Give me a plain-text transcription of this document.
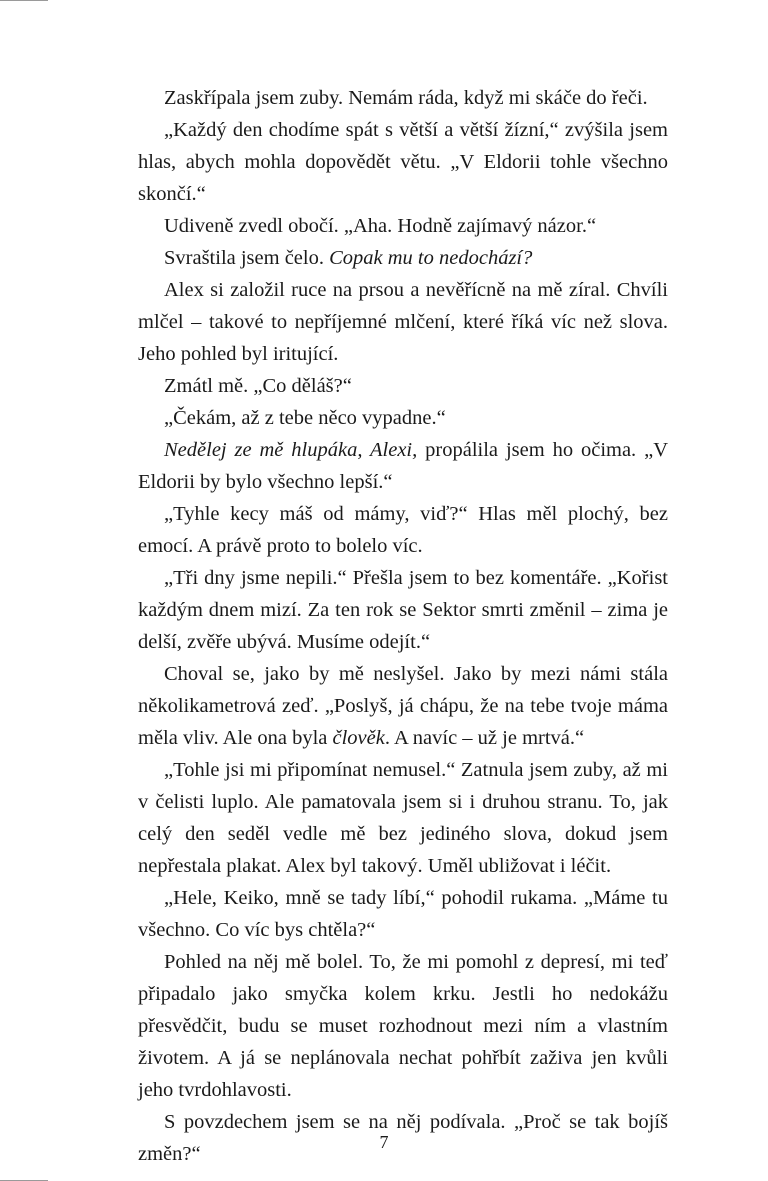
Zaskřípala jsem zuby. Nemám ráda, když mi skáče do řeči.

„Každý den chodíme spát s větší a větší žízní,“ zvýšila jsem hlas, abych mohla dopovědět větu. „V Eldorii tohle všechno skončí.“

Udiveně zvedl obočí. „Aha. Hodně zajímavý názor.“

Svraštila jsem čelo. Copak mu to nedochází?

Alex si založil ruce na prsou a nevěřícně na mě zíral. Chvíli mlčel – takové to nepříjemné mlčení, které říká víc než slova. Jeho pohled byl iritující.

Zmátl mě. „Co děláš?“

„Čekám, až z tebe něco vypadne.“

Nedělej ze mě hlupáka, Alexi, propálila jsem ho očima. „V Eldorii by bylo všechno lepší.“

„Tyhle kecy máš od mámy, viď?“ Hlas měl plochý, bez emocí. A právě proto to bolelo víc.

„Tři dny jsme nepili.“ Přešla jsem to bez komentáře. „Kořist každým dnem mizí. Za ten rok se Sektor smrti změnil – zima je delší, zvěře ubývá. Musíme odejít.“

Choval se, jako by mě neslyšel. Jako by mezi námi stála několikametrová zeď. „Poslyš, já chápu, že na tebe tvoje máma měla vliv. Ale ona byla člověk. A navíc – už je mrtvá.“

„Tohle jsi mi připomínat nemusel.“ Zatnula jsem zuby, až mi v čelisti luplo. Ale pamatovala jsem si i druhou stranu. To, jak celý den seděl vedle mě bez jediného slova, dokud jsem nepřestala plakat. Alex byl takový. Uměl ubližovat i léčit.

„Hele, Keiko, mně se tady líbí,“ pohodil rukama. „Máme tu všechno. Co víc bys chtěla?“

Pohled na něj mě bolel. To, že mi pomohl z depresí, mi teď připadalo jako smyčka kolem krku. Jestli ho nedokážu přesvědčit, budu se muset rozhodnout mezi ním a vlastním životem. A já se neplánovala nechat pohřbít zaživa jen kvůli jeho tvrdohlavosti.

S povzdechem jsem se na něj podívala. „Proč se tak bojíš změn?“

7
